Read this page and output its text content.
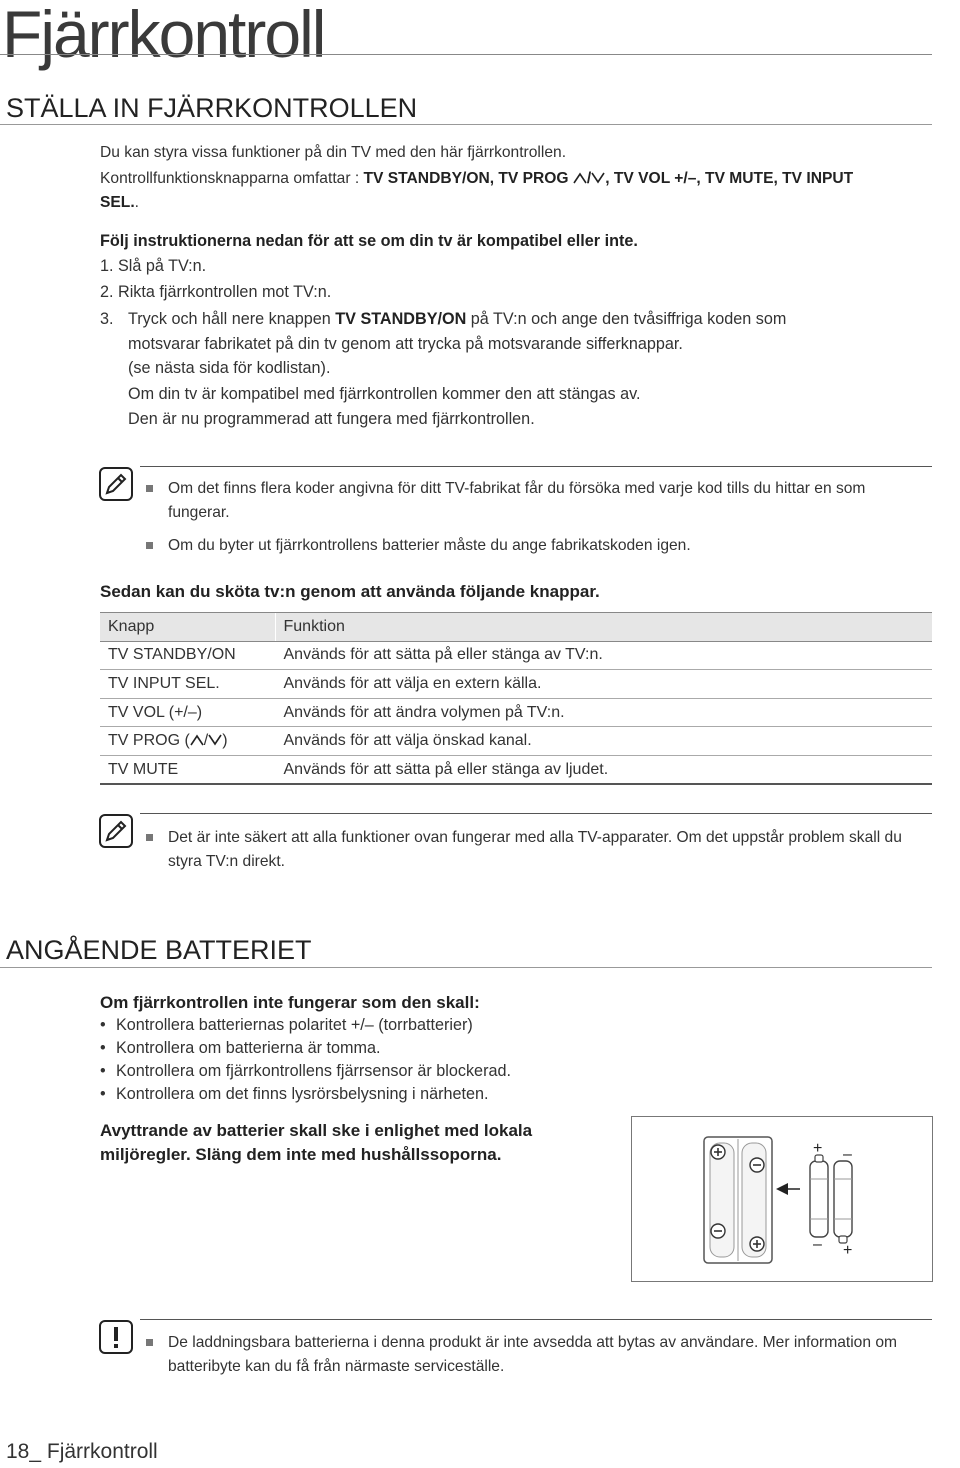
Fjärrkontroll
STÄLLA IN FJÄRRKONTROLLEN
Du kan styra vissa funktioner på din TV med den här fjärrkontrollen.
Kontrollfunktionsknapparna omfattar : TV STANDBY/ON, TV PROG / , TV VOL +/–, TV MUTE, TV INPUT
SEL..
Följ instruktionerna nedan för att se om din tv är kompatibel eller inte.
1. Slå på TV:n.
2. Rikta fjärrkontrollen mot TV:n.
3. Tryck och håll nere knappen TV STANDBY/ON på TV:n och ange den tvåsiffriga koden som
motsvarar fabrikatet på din tv genom att trycka på motsvarande sifferknappar.
(se nästa sida för kodlistan).
Om din tv är kompatibel med fjärrkontrollen kommer den att stängas av.
Den är nu programmerad att fungera med fjärrkontrollen.
Om det finns flera koder angivna för ditt TV-fabrikat får du försöka med varje kod tills du hittar en som
fungerar.
Om du byter ut fjärrkontrollens batterier måste du ange fabrikatskoden igen.
Sedan kan du sköta tv:n genom att använda följande knappar.
Knapp	Funktion
TV STANDBY/ON	Används för att sätta på eller stänga av TV:n.
TV INPUT SEL.	Används för att välja en extern källa.
TV VOL (+/–)	Används för att ändra volymen på TV:n.
TV PROG ( / )	Används för att välja önskad kanal.
TV MUTE	Används för att sätta på eller stänga av ljudet.
Det är inte säkert att alla funktioner ovan fungerar med alla TV-apparater. Om det uppstår problem skall du
styra TV:n direkt.
ANGÅENDE BATTERIET
Om fjärrkontrollen inte fungerar som den skall:
• Kontrollera batteriernas polaritet +/– (torrbatterier)
• Kontrollera om batterierna är tomma.
• Kontrollera om fjärrkontrollens fjärrsensor är blockerad.
• Kontrollera om det finns lysrörsbelysning i närheten.
Avyttrande av batterier skall ske i enlighet med lokala
miljöregler. Släng dem inte med hushållssoporna.	+ –
– +
De laddningsbara batterierna i denna produkt är inte avsedda att bytas av användare. Mer information om
batteribyte kan du få från närmaste serviceställe.
18_ Fjärrkontroll
